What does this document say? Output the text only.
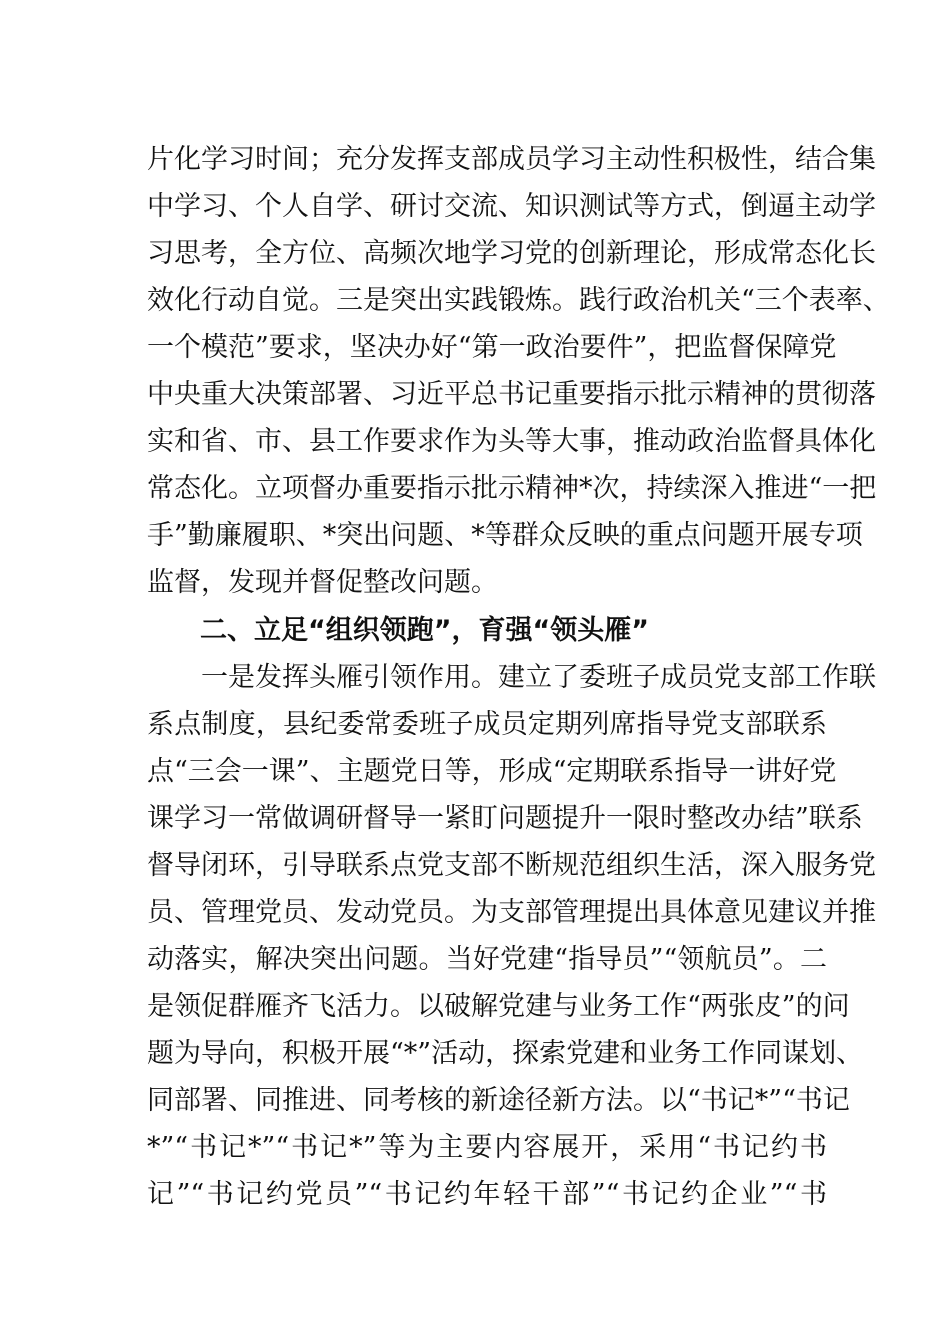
片化学习时间；充分发挥支部成员学习主动性积极性，结合集
中学习、个人自学、研讨交流、知识测试等方式，倒逼主动学
习思考，全方位、高频次地学习党的创新理论，形成常态化长
效化行动自觉。三是突出实践锻炼。践行政治机关“三个表率、
一个模范”要求，坚决办好“第一政治要件”，把监督保障党
中央重大决策部署、习近平总书记重要指示批示精神的贯彻落
实和省、市、县工作要求作为头等大事，推动政治监督具体化
常态化。立项督办重要指示批示精神*次，持续深入推进“一把
手”勤廉履职、*突出问题、*等群众反映的重点问题开展专项
监督，发现并督促整改问题。
二、立足“组织领跑”，育强“领头雁”
一是发挥头雁引领作用。建立了委班子成员党支部工作联
系点制度，县纪委常委班子成员定期列席指导党支部联系
点“三会一课”、主题党日等，形成“定期联系指导一讲好党
课学习一常做调研督导一紧盯问题提升一限时整改办结”联系
督导闭环，引导联系点党支部不断规范组织生活，深入服务党
员、管理党员、发动党员。为支部管理提出具体意见建议并推
动落实，解决突出问题。当好党建“指导员”“领航员”。二
是领促群雁齐飞活力。以破解党建与业务工作“两张皮”的问
题为导向，积极开展“*”活动，探索党建和业务工作同谋划、
同部署、同推进、同考核的新途径新方法。以“书记*”“书记
*”“书记*”“书记*”等为主要内容展开，采用“书记约书
记”“书记约党员”“书记约年轻干部”“书记约企业”“书
